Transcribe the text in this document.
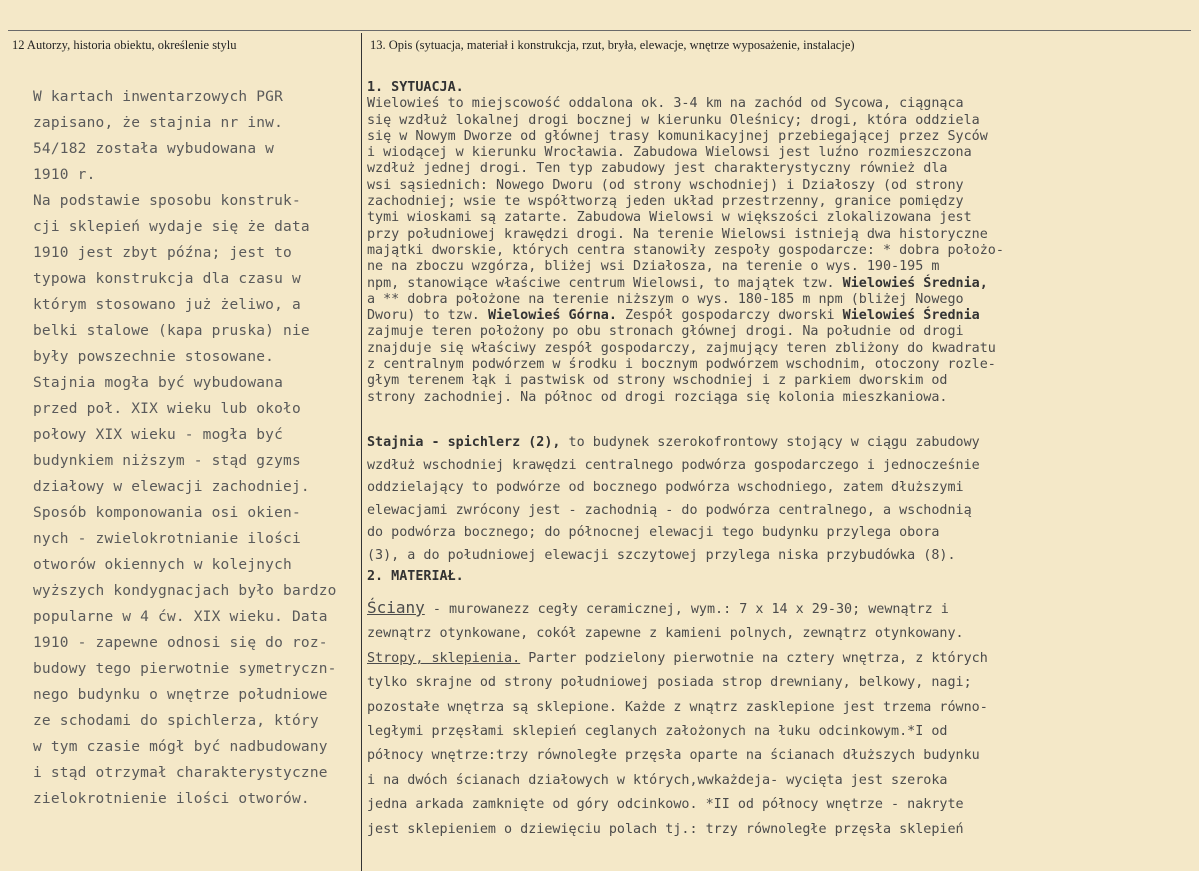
12 Autorzy, historia obiektu, określenie stylu	13. Opis (sytuacja, materiał i konstrukcja, rzut, bryła, elewacje, wnętrze wyposażenie, instalacje)
W kartach inwentarzowych PGR
zapisano, że stajnia nr inw.
54/182 została wybudowana w
1910 r.
Na podstawie sposobu konstruk-
cji sklepień wydaje się że data
1910 jest zbyt późna; jest to
typowa konstrukcja dla czasu w
którym stosowano już żeliwo, a
belki stalowe (kapa pruska) nie
były powszechnie stosowane.
Stajnia mogła być wybudowana
przed poł. XIX wieku lub około
połowy XIX wieku - mogła być
budynkiem niższym - stąd gzyms
działowy w elewacji zachodniej.
Sposób komponowania osi okien-
nych - zwielokrotnianie ilości
otworów okiennych w kolejnych
wyższych kondygnacjach było bardzo
popularne w 4 ćw. XIX wieku. Data
1910 - zapewne odnosi się do roz-
budowy tego pierwotnie symetryczn-
nego budynku o wnętrze południowe
ze schodami do spichlerza, który
w tym czasie mógł być nadbudowany
i stąd otrzymał charakterystyczne
zielokrotnienie ilości otworów.
1. SYTUACJA.
Wielowieś to miejscowość oddalona ok. 3-4 km na zachód od Sycowa, ciągnąca
się wzdłuż lokalnej drogi bocznej w kierunku Oleśnicy; drogi, która oddziela
się w Nowym Dworze od głównej trasy komunikacyjnej przebiegającej przez Syców
i wiodącej w kierunku Wrocławia. Zabudowa Wielowsi jest luźno rozmieszczona
wzdłuż jednej drogi. Ten typ zabudowy jest charakterystyczny również dla
wsi sąsiednich: Nowego Dworu (od strony wschodniej) i Działoszy (od strony
zachodniej; wsie te współtworzą jeden układ przestrzenny, granice pomiędzy
tymi wioskami są zatarte. Zabudowa Wielowsi w większości zlokalizowana jest
przy południowej krawędzi drogi. Na terenie Wielowsi istnieją dwa historyczne
majątki dworskie, których centra stanowiły zespoły gospodarcze: * dobra położo-
ne na zboczu wzgórza, bliżej wsi Działosza, na terenie o wys. 190-195 m
npm, stanowiące właściwe centrum Wielowsi, to majątek tzw. Wielowieś Średnia,
a ** dobra położone na terenie niższym o wys. 180-185 m npm (bliżej Nowego
Dworu) to tzw. Wielowieś Górna. Zespół gospodarczy dworski Wielowieś Średnia
zajmuje teren położony po obu stronach głównej drogi. Na południe od drogi
znajduje się właściwy zespół gospodarczy, zajmujący teren zbliżony do kwadratu
z centralnym podwórzem w środku i bocznym podwórzem wschodnim, otoczony rozle-
głym terenem łąk i pastwisk od strony wschodniej i z parkiem dworskim od
strony zachodniej. Na północ od drogi rozciąga się kolonia mieszkaniowa.
Stajnia - spichlerz (2), to budynek szerokofrontowy stojący w ciągu zabudowy
wzdłuż wschodniej krawędzi centralnego podwórza gospodarczego i jednocześnie
oddzielający to podwórze od bocznego podwórza wschodniego, zatem dłuższymi
elewacjami zwrócony jest - zachodnią - do podwórza centralnego, a wschodnią
do podwórza bocznego; do północnej elewacji tego budynku przylega obora
(3), a do południowej elewacji szczytowej przylega niska przybudówka (8).
2. MATERIAŁ.
Ściany - murowanezz cegły ceramicznej, wym.: 7 x 14 x 29-30; wewnątrz i
zewnątrz otynkowane, cokół zapewne z kamieni polnych, zewnątrz otynkowany.
Stropy, sklepienia. Parter podzielony pierwotnie na cztery wnętrza, z których
tylko skrajne od strony południowej posiada strop drewniany, belkowy, nagi;
pozostałe wnętrza są sklepione. Każde z wnątrz zasklepione jest trzema równo-
ległymi przęsłami sklepień ceglanych założonych na łuku odcinkowym.*I od
północy wnętrze:trzy równoległe przęsła oparte na ścianach dłuższych budynku
i na dwóch ścianach działowych w których,wwkażdeja- wycięta jest szeroka
jedna arkada zamknięte od góry odcinkowo. *II od północy wnętrze - nakryte
jest sklepieniem o dziewięciu polach tj.: trzy równoległe przęsła sklepień
